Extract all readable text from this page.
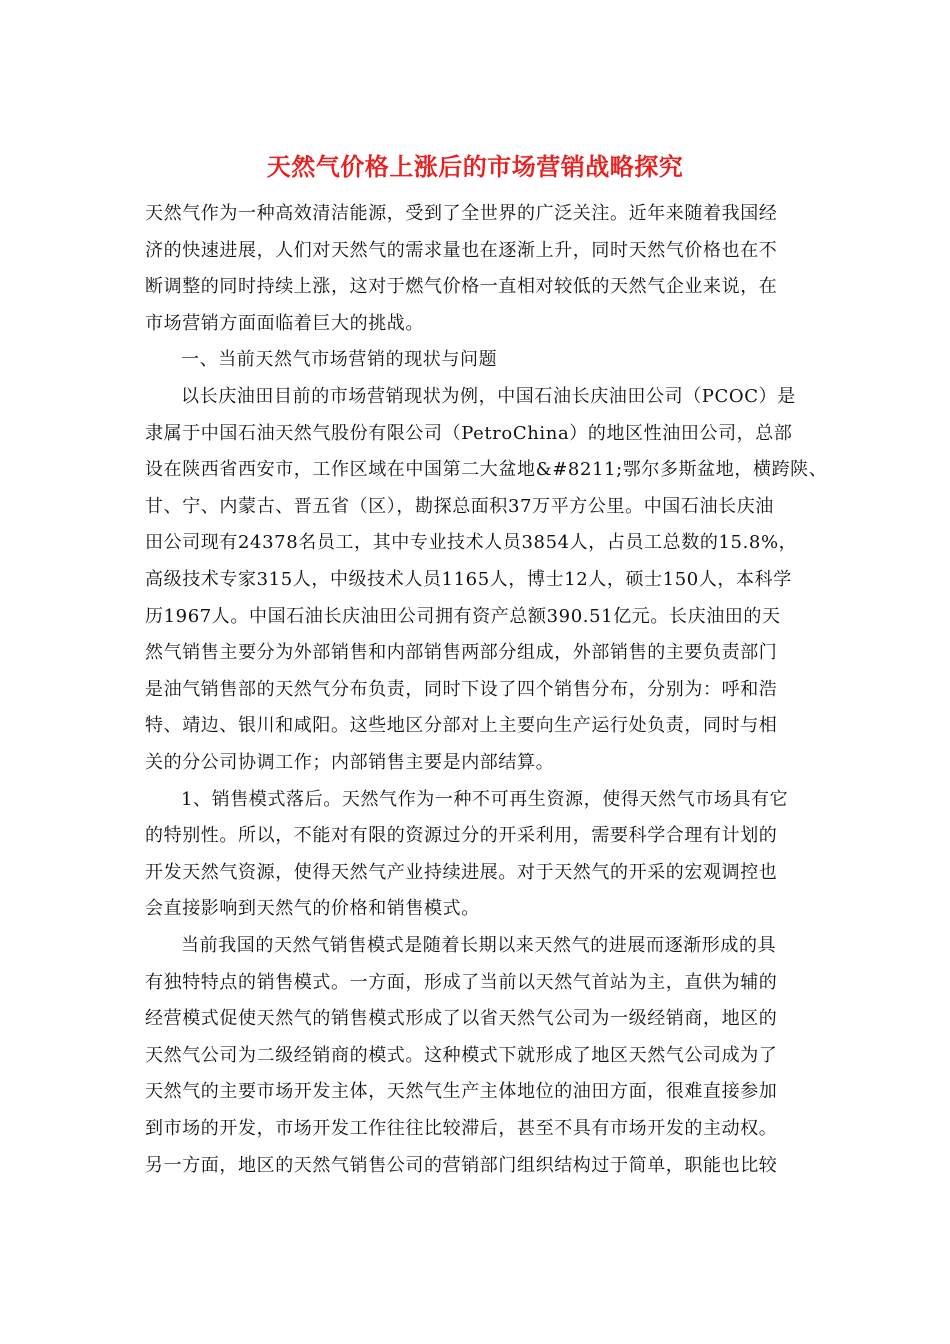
天然气价格上涨后的市场营销战略探究
天然气作为一种高效清洁能源，受到了全世界的广泛关注。近年来随着我国经
济的快速进展，人们对天然气的需求量也在逐渐上升，同时天然气价格也在不
断调整的同时持续上涨，这对于燃气价格一直相对较低的天然气企业来说，在
市场营销方面面临着巨大的挑战。
一、当前天然气市场营销的现状与问题
以长庆油田目前的市场营销现状为例，中国石油长庆油田公司（PCOC）是
隶属于中国石油天然气股份有限公司（PetroChina）的地区性油田公司，总部
设在陕西省西安市，工作区域在中国第二大盆地&#8211;鄂尔多斯盆地，横跨陕、
甘、宁、内蒙古、晋五省（区），勘探总面积37万平方公里。中国石油长庆油
田公司现有24378名员工，其中专业技术人员3854人，占员工总数的15.8%，
高级技术专家315人，中级技术人员1165人，博士12人，硕士150人，本科学
历1967人。中国石油长庆油田公司拥有资产总额390.51亿元。长庆油田的天
然气销售主要分为外部销售和内部销售两部分组成，外部销售的主要负责部门
是油气销售部的天然气分布负责，同时下设了四个销售分布，分别为：呼和浩
特、靖边、银川和咸阳。这些地区分部对上主要向生产运行处负责，同时与相
关的分公司协调工作；内部销售主要是内部结算。
1、销售模式落后。天然气作为一种不可再生资源，使得天然气市场具有它
的特别性。所以，不能对有限的资源过分的开采利用，需要科学合理有计划的
开发天然气资源，使得天然气产业持续进展。对于天然气的开采的宏观调控也
会直接影响到天然气的价格和销售模式。
当前我国的天然气销售模式是随着长期以来天然气的进展而逐渐形成的具
有独特特点的销售模式。一方面，形成了当前以天然气首站为主，直供为辅的
经营模式促使天然气的销售模式形成了以省天然气公司为一级经销商，地区的
天然气公司为二级经销商的模式。这种模式下就形成了地区天然气公司成为了
天然气的主要市场开发主体，天然气生产主体地位的油田方面，很难直接参加
到市场的开发，市场开发工作往往比较滞后，甚至不具有市场开发的主动权。
另一方面，地区的天然气销售公司的营销部门组织结构过于简单，职能也比较
